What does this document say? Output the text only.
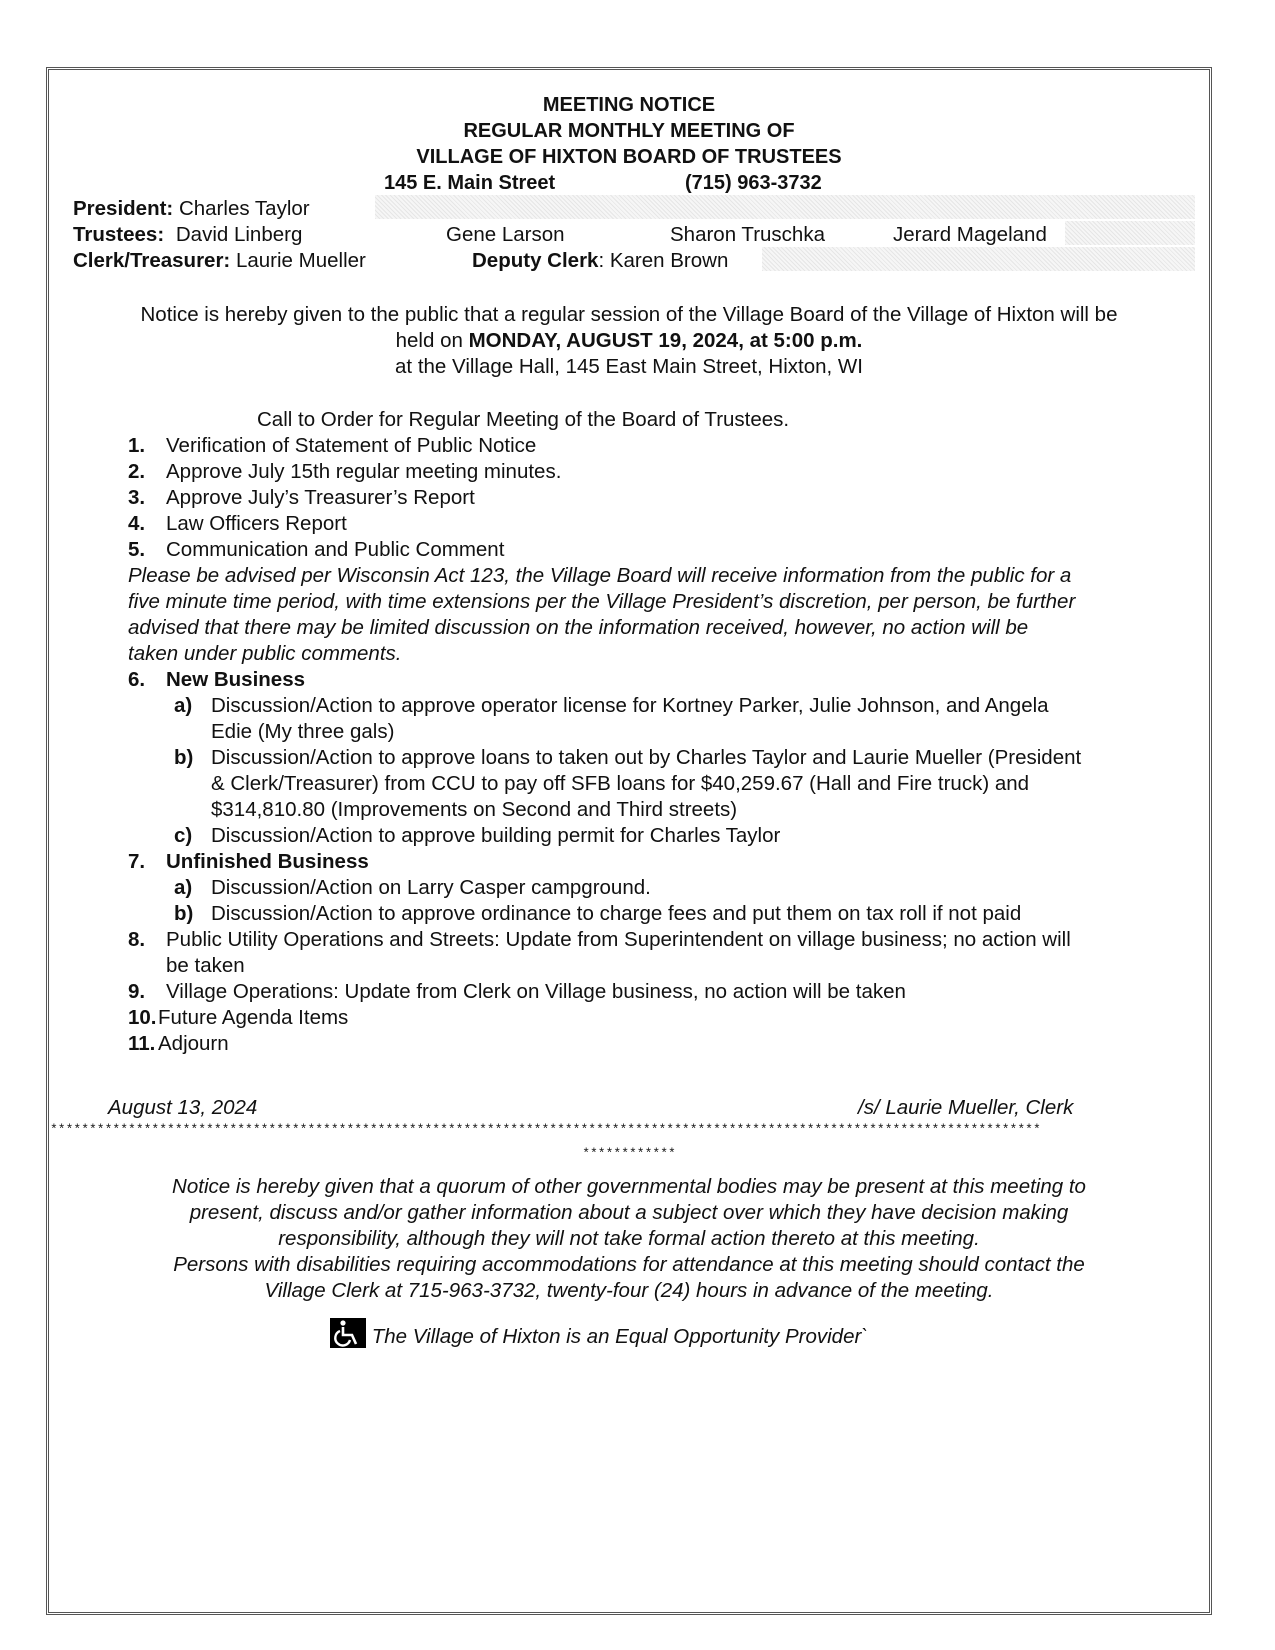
MEETING NOTICE
REGULAR MONTHLY MEETING OF
VILLAGE OF HIXTON BOARD OF TRUSTEES
145 E. Main Street	(715) 963-3732
President: Charles Taylor
Trustees: David Linberg	Gene Larson	Sharon Truschka	Jerard Mageland
Clerk/Treasurer: Laurie Mueller	Deputy Clerk: Karen Brown
Notice is hereby given to the public that a regular session of the Village Board of the Village of Hixton will be
held on MONDAY, AUGUST 19, 2024, at 5:00 p.m.
at the Village Hall, 145 East Main Street, Hixton, WI
Call to Order for Regular Meeting of the Board of Trustees.
1. Verification of Statement of Public Notice
2. Approve July 15th regular meeting minutes.
3. Approve July’s Treasurer’s Report
4. Law Officers Report
5. Communication and Public Comment
Please be advised per Wisconsin Act 123, the Village Board will receive information from the public for a
five minute time period, with time extensions per the Village President’s discretion, per person, be further
advised that there may be limited discussion on the information received, however, no action will be
taken under public comments.
6. New Business
a) Discussion/Action to approve operator license for Kortney Parker, Julie Johnson, and Angela
Edie (My three gals)
b) Discussion/Action to approve loans to taken out by Charles Taylor and Laurie Mueller (President
& Clerk/Treasurer) from CCU to pay off SFB loans for $40,259.67 (Hall and Fire truck) and
$314,810.80 (Improvements on Second and Third streets)
c) Discussion/Action to approve building permit for Charles Taylor
7. Unfinished Business
a) Discussion/Action on Larry Casper campground.
b) Discussion/Action to approve ordinance to charge fees and put them on tax roll if not paid
8. Public Utility Operations and Streets: Update from Superintendent on village business; no action will
be taken
9. Village Operations: Update from Clerk on Village business, no action will be taken
10.Future Agenda Items
11. Adjourn
August 13, 2024	/s/ Laurie Mueller, Clerk
*******************************************************************************************************************************
************
Notice is hereby given that a quorum of other governmental bodies may be present at this meeting to
present, discuss and/or gather information about a subject over which they have decision making
responsibility, although they will not take formal action thereto at this meeting.
Persons with disabilities requiring accommodations for attendance at this meeting should contact the
Village Clerk at 715-963-3732, twenty-four (24) hours in advance of the meeting.
The Village of Hixton is an Equal Opportunity Provider`
